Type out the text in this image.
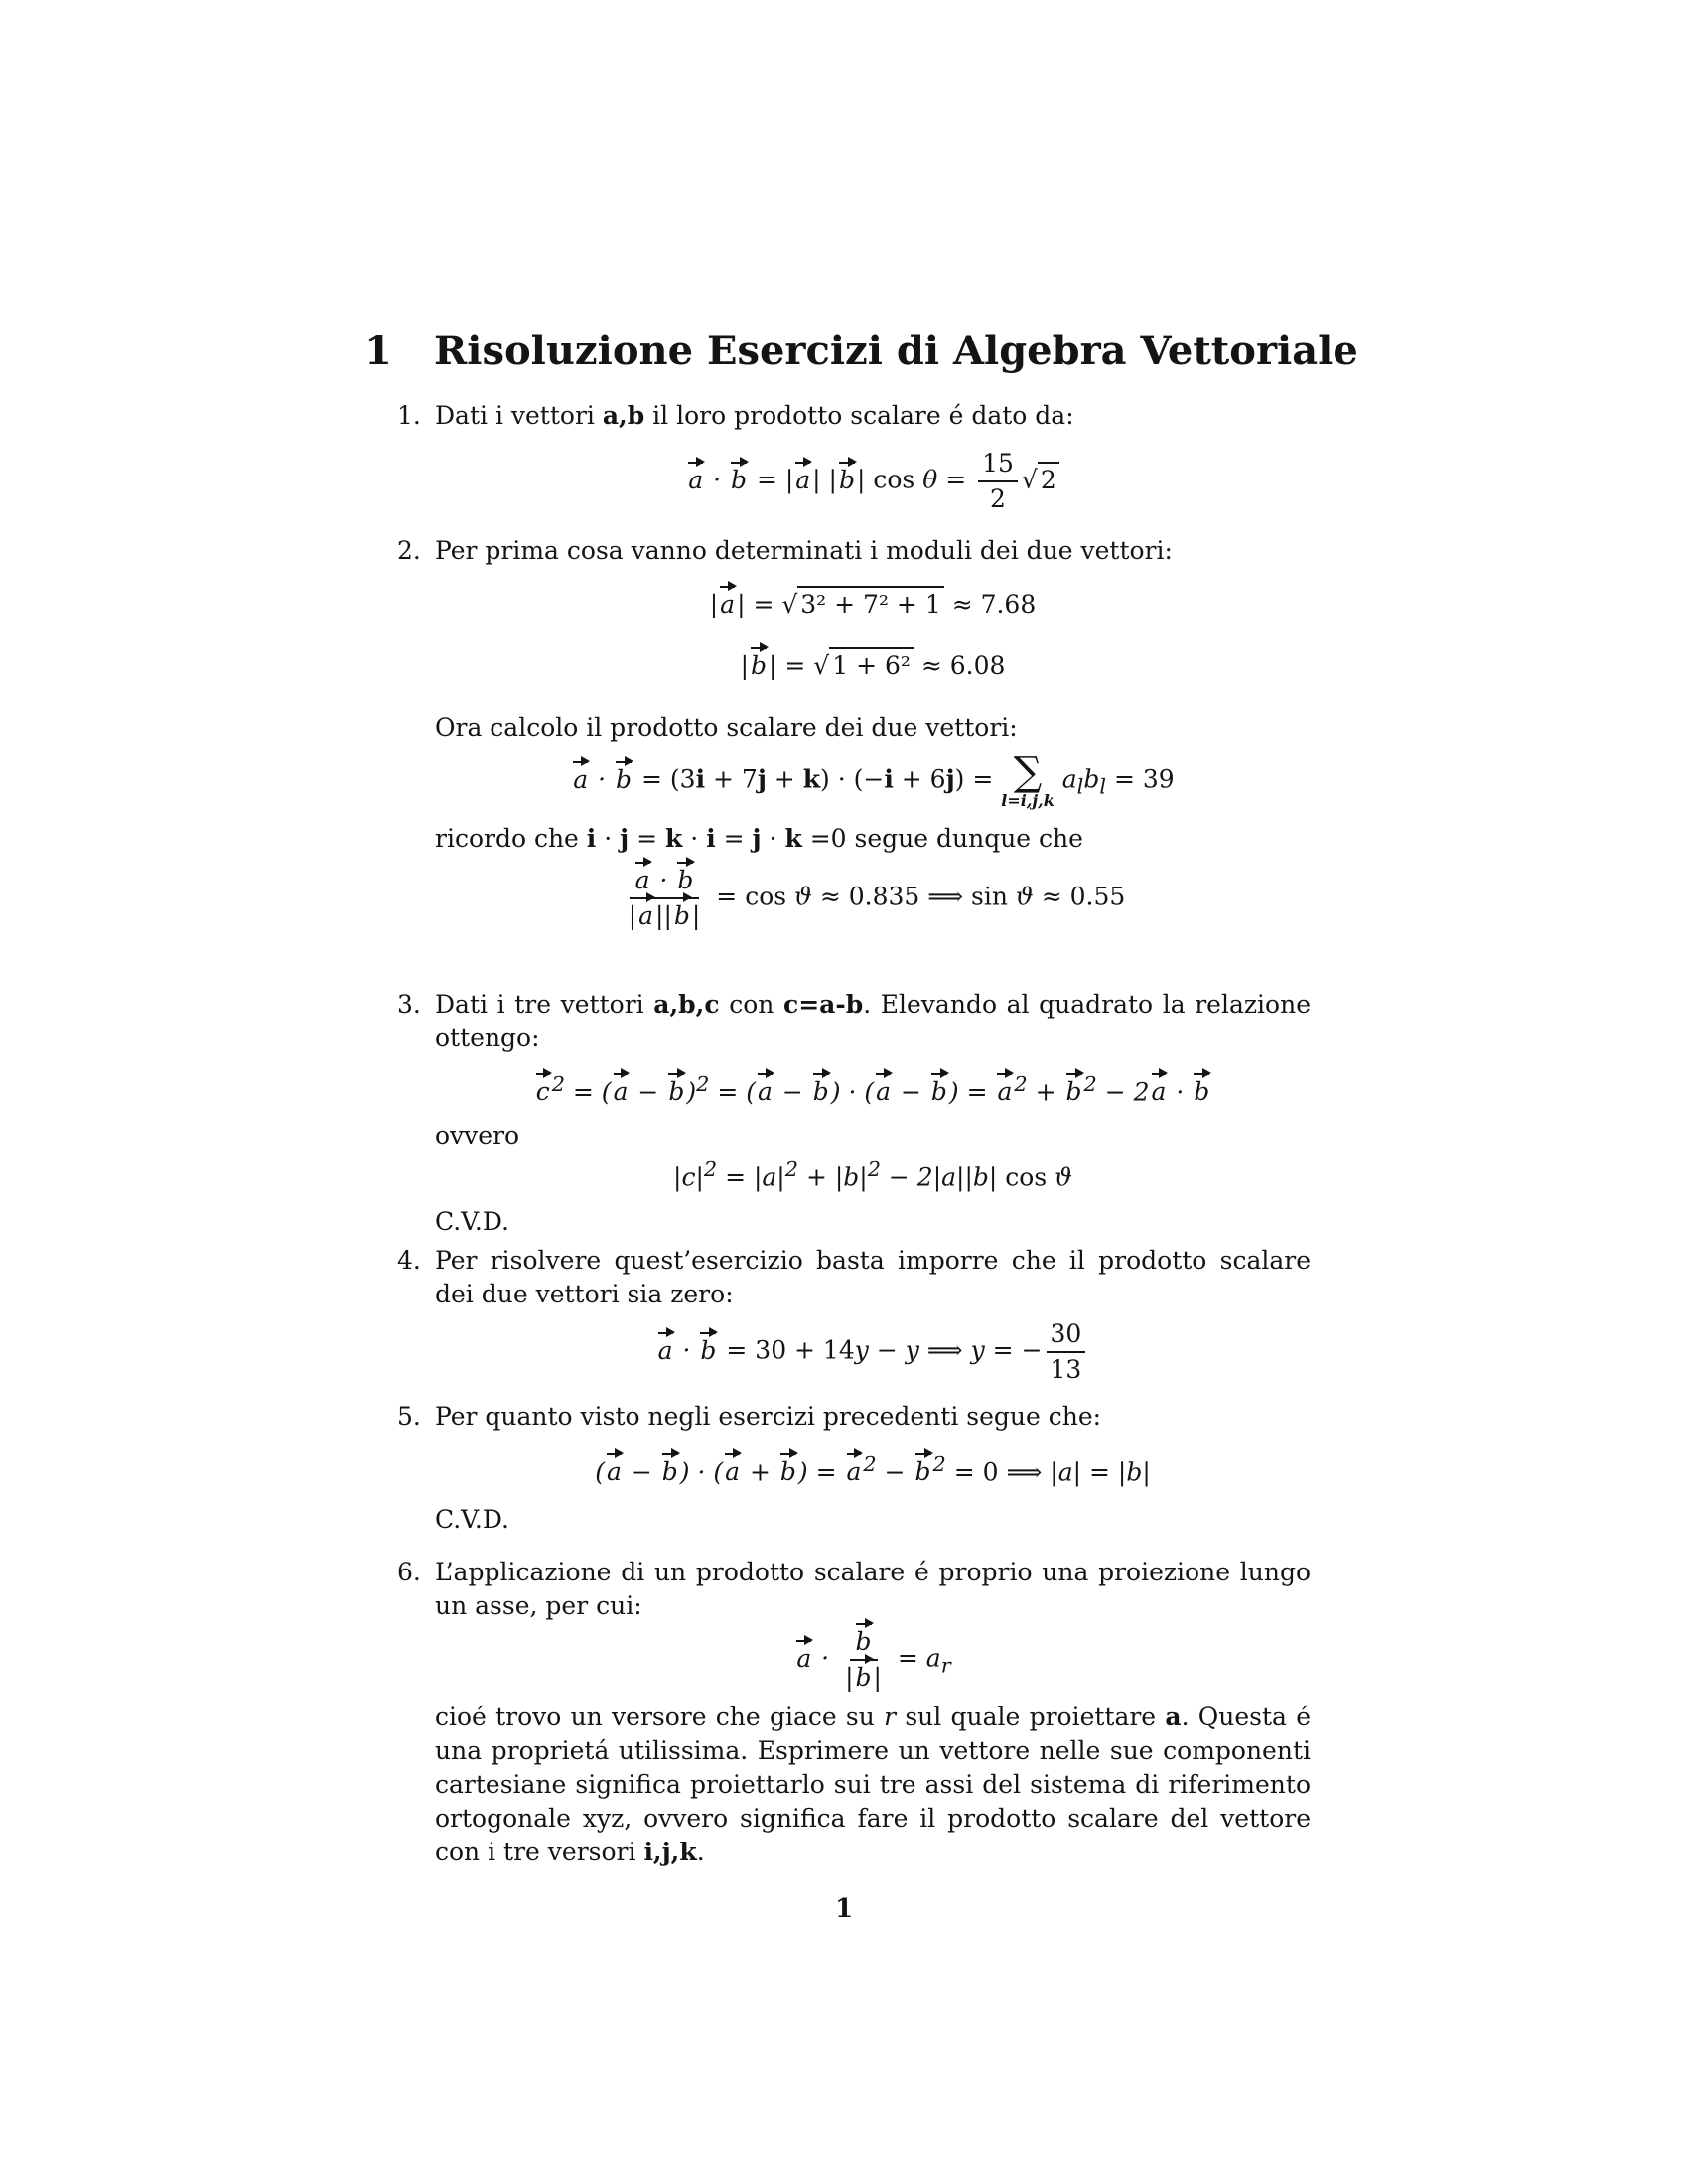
1 Risoluzione Esercizi di Algebra Vettoriale
1. Dati i vettori a,b il loro prodotto scalare é dato da:

a · b = |a| |b| $\cos \theta = \frac{15}{2}$ √ 2

2. Per prima cosa vanno determinati i moduli dei due vettori:

|a| = √ 3² + 7² + 1 ≈ 7.68

|b| = √ 1 + 6² ≈ 6.08

Ora calcolo il prodotto scalare dei due vettori:

a · b = (3i + 7j + k) · (−i + 6j) = ∑
l=i,j,k
$a_lb_l = 39$

ricordo che i · j = k · i = j · k =0 segue dunque che

$\frac{a \cdot b}{|a||b|} = \cos ϑ \approx 0.835$ ⟹ sin ϑ ≈ 0.55

3. Dati i tre vettori a,b,c con c=a-b. Elevando al quadrato la relazione ottengo:

$c^2 = (a - b)^2 = (a - b) \cdot (a - b) = a^2 + b^2 - 2a \cdot b$

ovvero

$|c|^2 = |a|^2 + |b|^2 - 2|a||b|$ cos ϑ

C.V.D.

4. Per risolvere quest’esercizio basta imporre che il prodotto scalare dei due vettori sia zero:

a · b = 30 + 14y − y ⟹ y = − $\frac{30}{13}$

5. Per quanto visto negli esercizi precedenti segue che:

$(a - b) \cdot (a + b) = a^2 - b^2 = 0$ ⟹ |a| = |b|

C.V.D.

6. L’applicazione di un prodotto scalare é proprio una proiezione lungo un asse, per cui:

$a \cdot \frac{b}{|b|} = a_r$

cioé trovo un versore che giace su r sul quale proiettare a. Questa é una proprietá utilissima. Esprimere un vettore nelle sue componenti cartesiane significa proiettarlo sui tre assi del sistema di riferimento ortogonale xyz, ovvero significa fare il prodotto scalare del vettore con i tre versori i,j,k.

1
